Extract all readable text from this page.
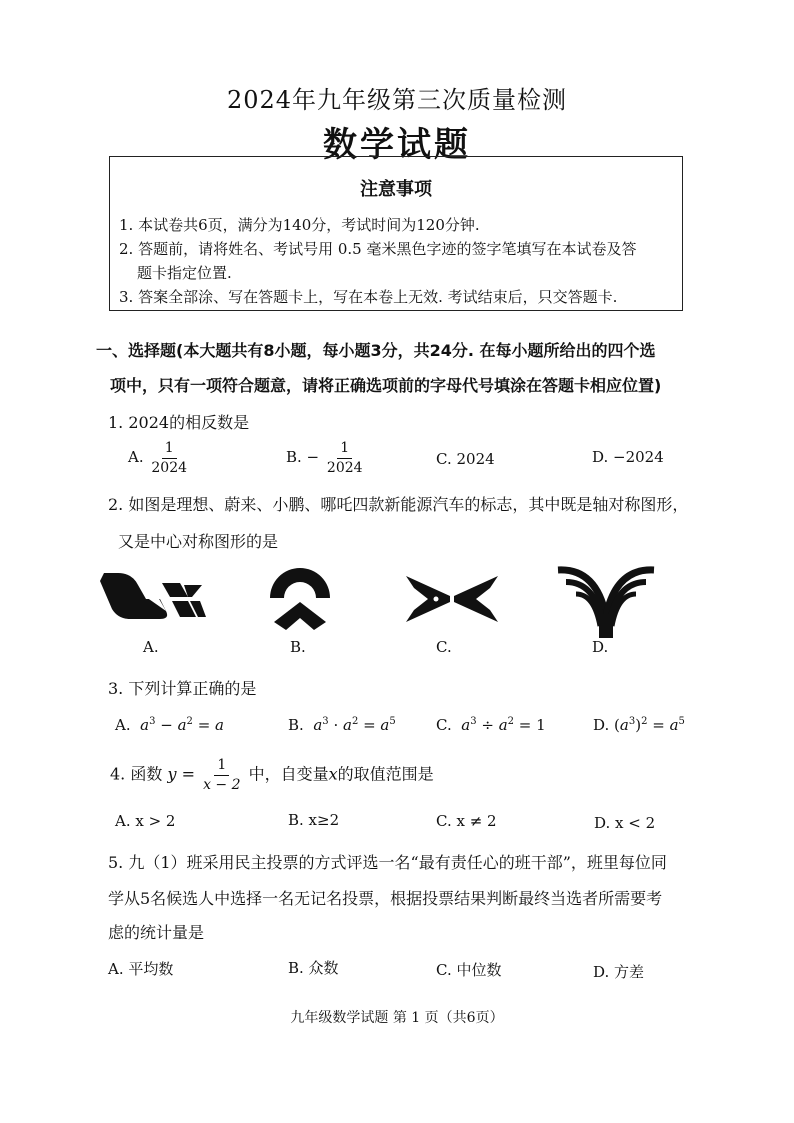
2024年九年级第三次质量检测
数学试题
注意事项
1. 本试卷共6页，满分为140分，考试时间为120分钟.
2. 答题前，请将姓名、考试号用 0.5 毫米黑色字迹的签字笔填写在本试卷及答
题卡指定位置.
3. 答案全部涂、写在答题卡上，写在本卷上无效. 考试结束后，只交答题卡.
一、选择题(本大题共有8小题，每小题3分，共24分. 在每小题所给出的四个选
项中，只有一项符合题意，请将正确选项前的字母代号填涂在答题卡相应位置)
1. 2024的相反数是
A. $\frac{1}{2024}$	B. − $\frac{1}{2024}$	C. 2024	D. −2024
2. 如图是理想、蔚来、小鹏、哪吒四款新能源汽车的标志，其中既是轴对称图形，
又是中心对称图形的是
A.	B.	C.	D.
3. 下列计算正确的是
A. $a^3 - a^2 = a$	B. $a^3 \cdot a^2 = a^5$	C. $a^3 \div a^2 = 1$	D. $(a^3)^2 = a^5$
4. 函数 $y = \frac{1}{x - 2}$ 中，自变量x的取值范围是
A. x > 2	B. x≥2	C. x ≠ 2	D. x < 2
5. 九（1）班采用民主投票的方式评选一名“最有责任心的班干部”，班里每位同
学从5名候选人中选择一名无记名投票，根据投票结果判断最终当选者所需要考
虑的统计量是
A. 平均数	B. 众数	C. 中位数	D. 方差
九年级数学试题 第 1 页（共6页）
